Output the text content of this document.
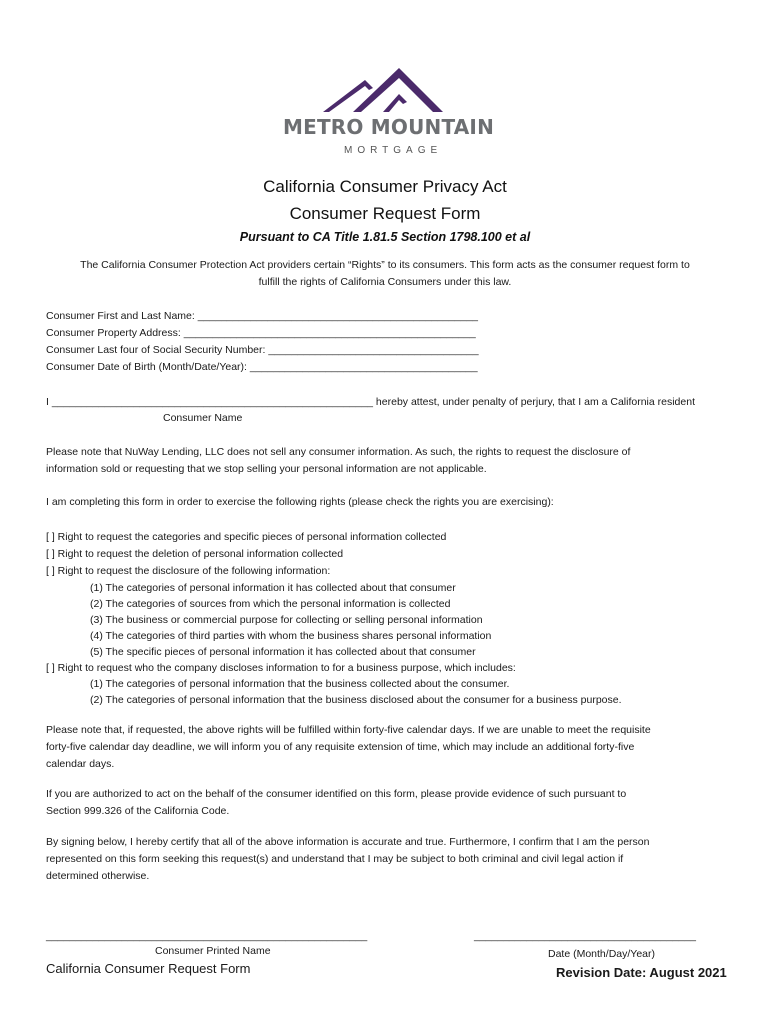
METRO MOUNTAIN
MORTGAGE
California Consumer Privacy Act
Consumer Request Form
Pursuant to CA Title 1.81.5 Section 1798.100 et al
The California Consumer Protection Act providers certain “Rights” to its consumers. This form acts as the consumer request form to
fulfill the rights of California Consumers under this law.
Consumer First and Last Name: ________________________________________________
Consumer Property Address: __________________________________________________
Consumer Last four of Social Security Number: ____________________________________
Consumer Date of Birth (Month/Date/Year): _______________________________________
I _______________________________________________________ hereby attest, under penalty of perjury, that I am a California resident
Consumer Name
Please note that NuWay Lending, LLC does not sell any consumer information. As such, the rights to request the disclosure of
information sold or requesting that we stop selling your personal information are not applicable.
I am completing this form in order to exercise the following rights (please check the rights you are exercising):
[ ] Right to request the categories and specific pieces of personal information collected
[ ] Right to request the deletion of personal information collected
[ ] Right to request the disclosure of the following information:
(1) The categories of personal information it has collected about that consumer
(2) The categories of sources from which the personal information is collected
(3) The business or commercial purpose for collecting or selling personal information
(4) The categories of third parties with whom the business shares personal information
(5) The specific pieces of personal information it has collected about that consumer
[ ] Right to request who the company discloses information to for a business purpose, which includes:
(1) The categories of personal information that the business collected about the consumer.
(2) The categories of personal information that the business disclosed about the consumer for a business purpose.
Please note that, if requested, the above rights will be fulfilled within forty-five calendar days. If we are unable to meet the requisite
forty-five calendar day deadline, we will inform you of any requisite extension of time, which may include an additional forty-five
calendar days.
If you are authorized to act on the behalf of the consumer identified on this form, please provide evidence of such pursuant to
Section 999.326 of the California Code.
By signing below, I hereby certify that all of the above information is accurate and true. Furthermore, I confirm that I am the person
represented on this form seeking this request(s) and understand that I may be subject to both criminal and civil legal action if
determined otherwise.
_______________________________________________________
Consumer Printed Name
______________________________________
Date (Month/Day/Year)
California Consumer Request Form	Revision Date: August 2021
